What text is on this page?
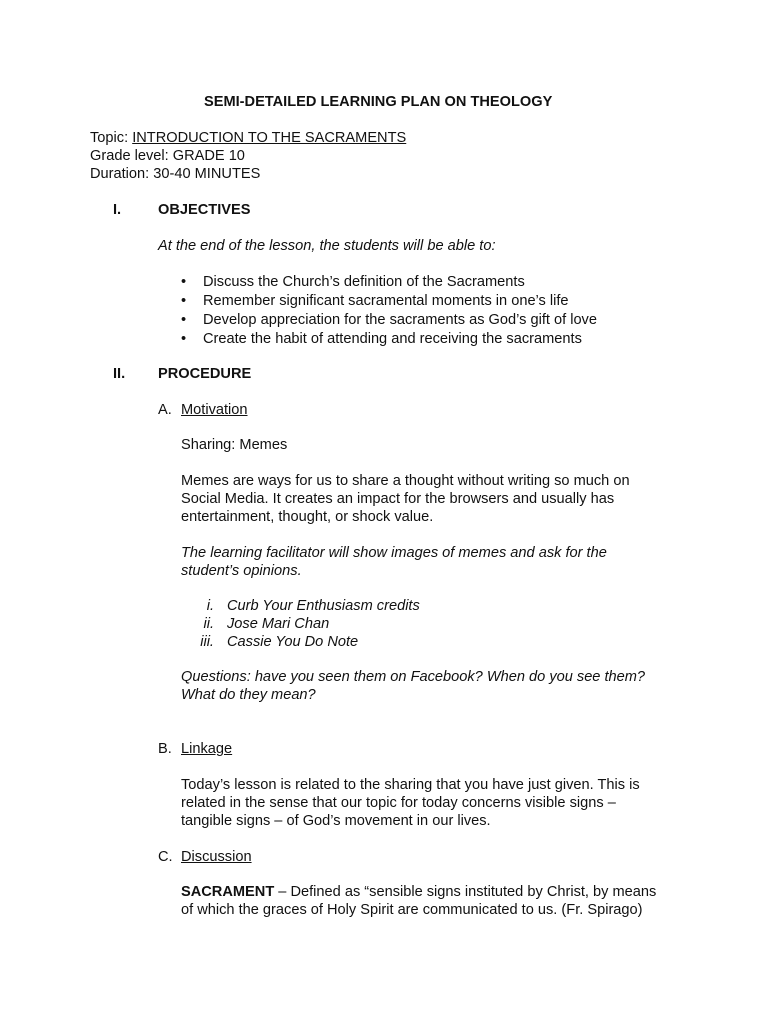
SEMI-DETAILED LEARNING PLAN ON THEOLOGY
Topic: INTRODUCTION TO THE SACRAMENTS
Grade level: GRADE 10
Duration: 30-40 MINUTES
I.	OBJECTIVES
At the end of the lesson, the students will be able to:
• Discuss the Church’s definition of the Sacraments
• Remember significant sacramental moments in one’s life
• Develop appreciation for the sacraments as God’s gift of love
• Create the habit of attending and receiving the sacraments
II. PROCEDURE
A. Motivation
Sharing: Memes
Memes are ways for us to share a thought without writing so much on
Social Media. It creates an impact for the browsers and usually has
entertainment, thought, or shock value.
The learning facilitator will show images of memes and ask for the
student’s opinions.
i. Curb Your Enthusiasm credits
ii. Jose Mari Chan
iii. Cassie You Do Note
Questions: have you seen them on Facebook? When do you see them?
What do they mean?
B. Linkage
Today’s lesson is related to the sharing that you have just given. This is
related in the sense that our topic for today concerns visible signs –
tangible signs – of God’s movement in our lives.
C. Discussion
SACRAMENT – Defined as “sensible signs instituted by Christ, by means
of which the graces of Holy Spirit are communicated to us. (Fr. Spirago)
